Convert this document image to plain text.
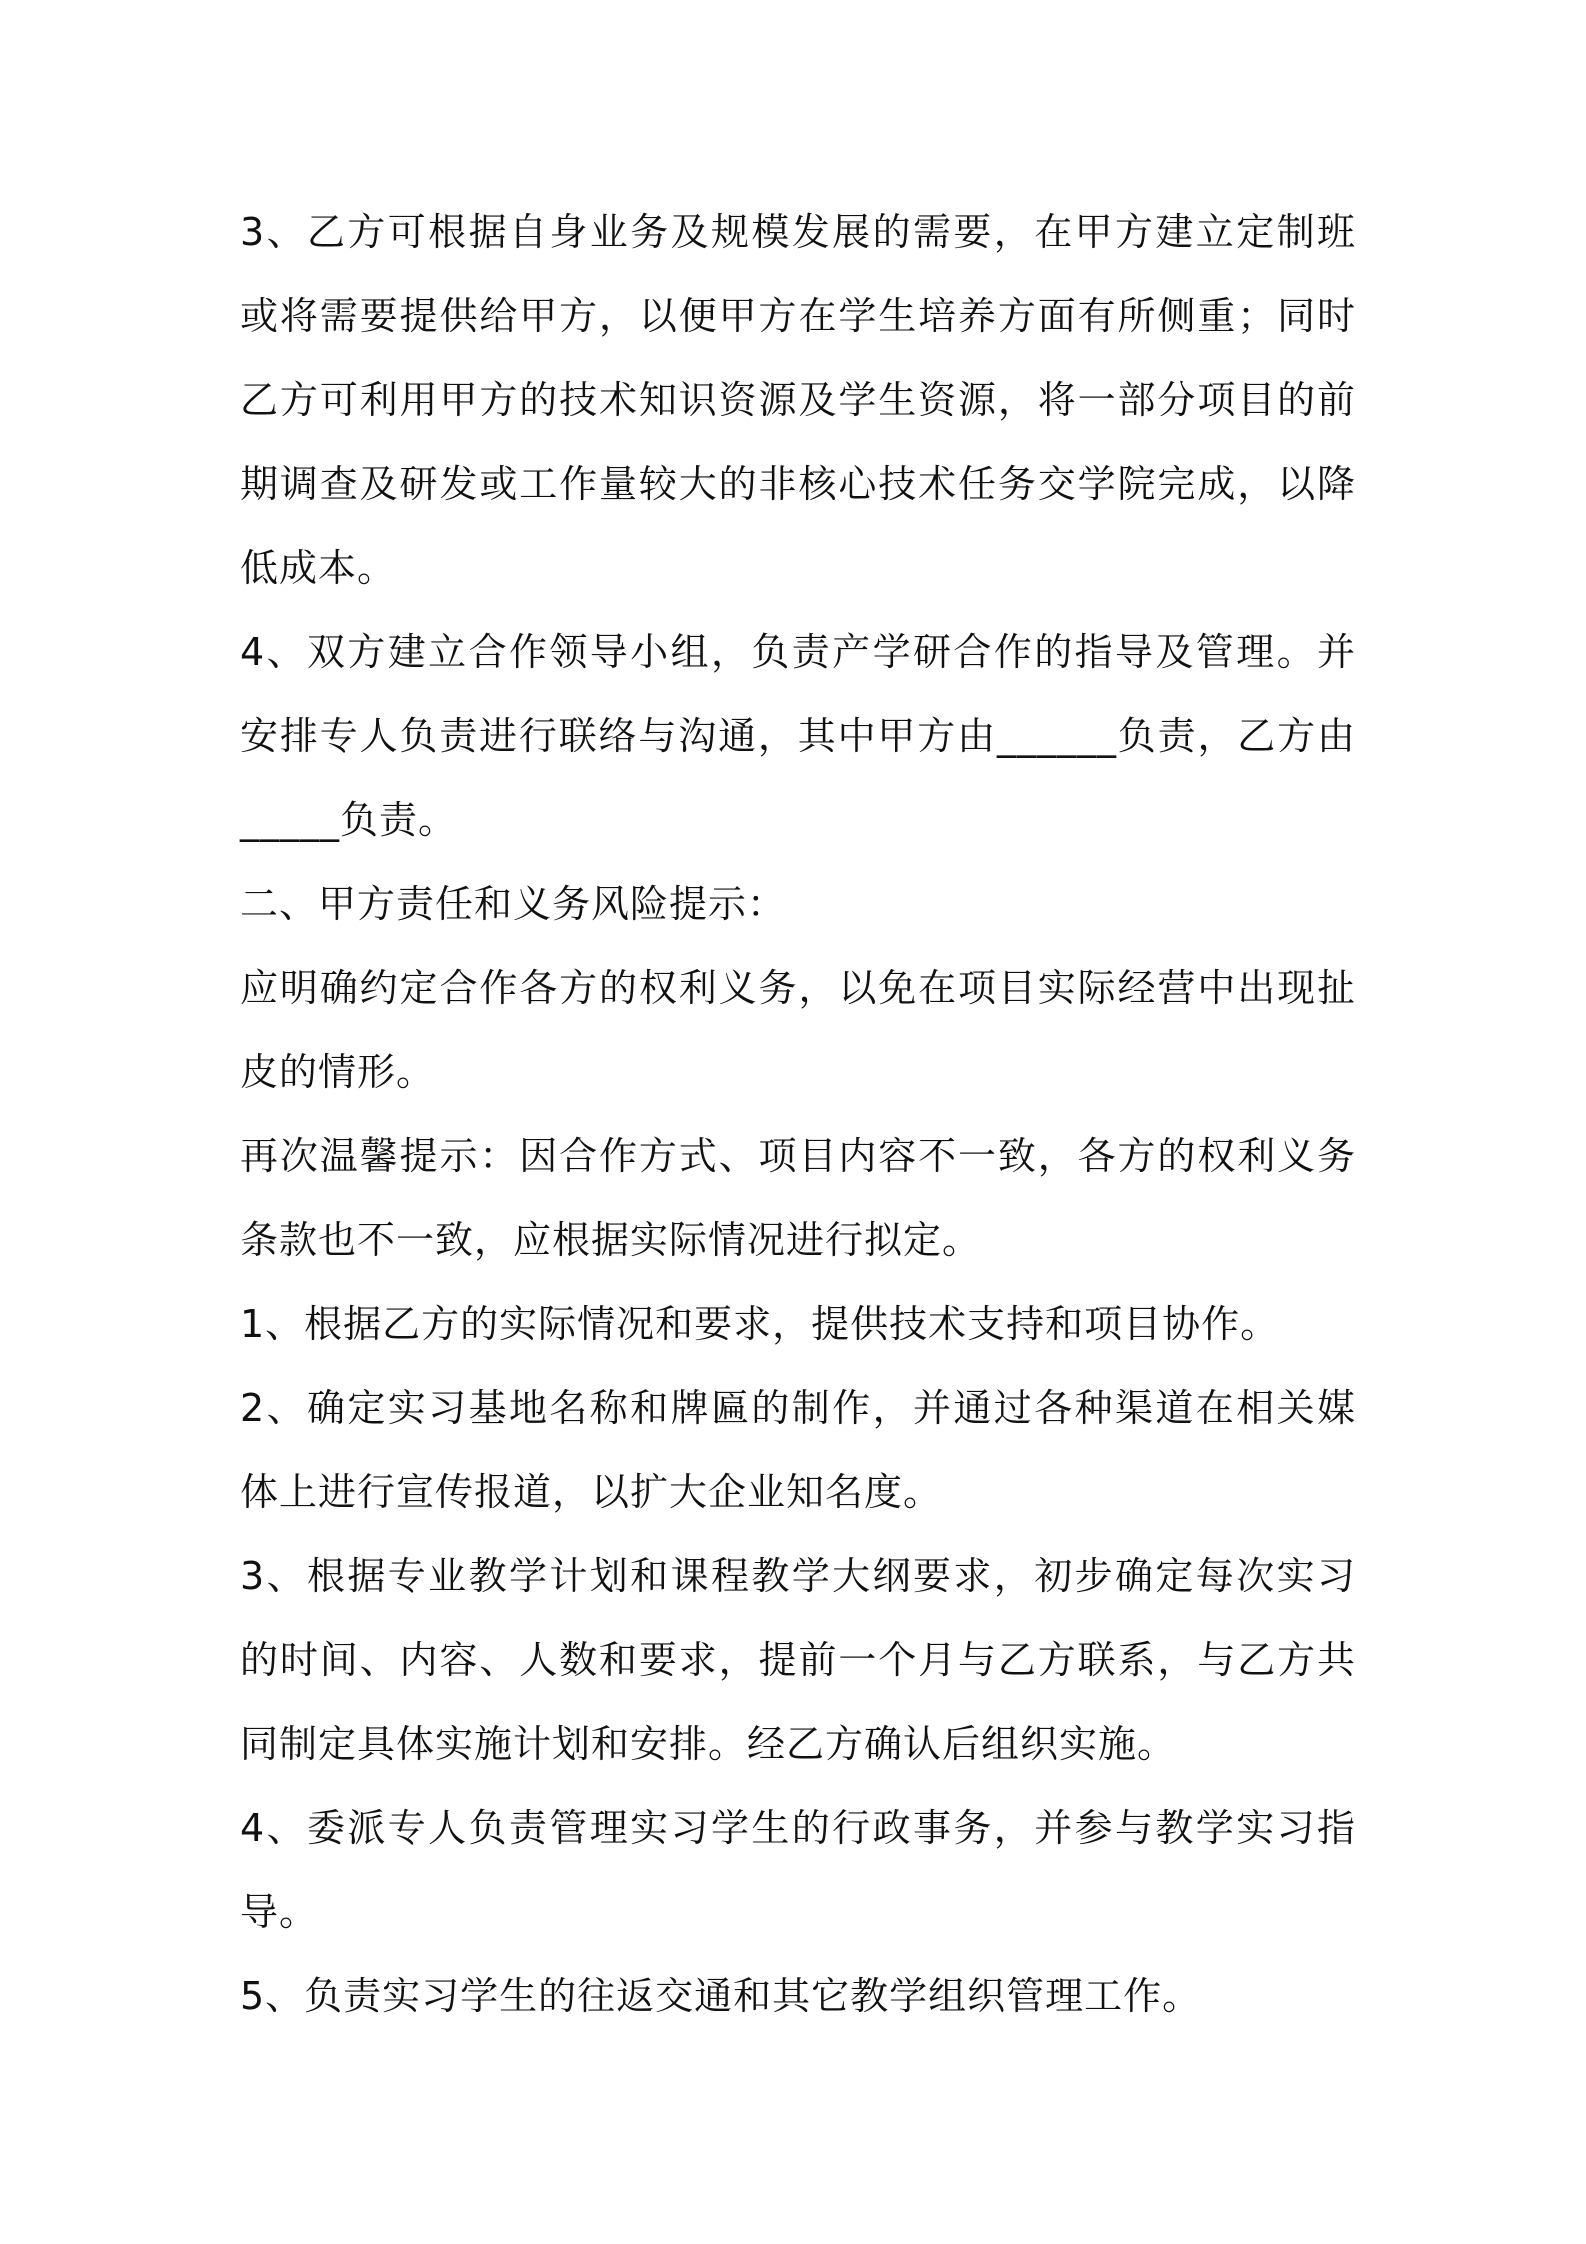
3、乙方可根据自身业务及规模发展的需要，在甲方建立定制班或将需要提供给甲方，以便甲方在学生培养方面有所侧重；同时乙方可利用甲方的技术知识资源及学生资源，将一部分项目的前期调查及研发或工作量较大的非核心技术任务交学院完成，以降低成本。

4、双方建立合作领导小组，负责产学研合作的指导及管理。并安排专人负责进行联络与沟通，其中甲方由______负责，乙方由_____负责。

二、甲方责任和义务风险提示：

应明确约定合作各方的权利义务，以免在项目实际经营中出现扯皮的情形。

再次温馨提示：因合作方式、项目内容不一致，各方的权利义务条款也不一致，应根据实际情况进行拟定。

1、根据乙方的实际情况和要求，提供技术支持和项目协作。

2、确定实习基地名称和牌匾的制作，并通过各种渠道在相关媒体上进行宣传报道，以扩大企业知名度。

3、根据专业教学计划和课程教学大纲要求，初步确定每次实习的时间、内容、人数和要求，提前一个月与乙方联系，与乙方共同制定具体实施计划和安排。经乙方确认后组织实施。

4、委派专人负责管理实习学生的行政事务，并参与教学实习指导。

5、负责实习学生的往返交通和其它教学组织管理工作。
